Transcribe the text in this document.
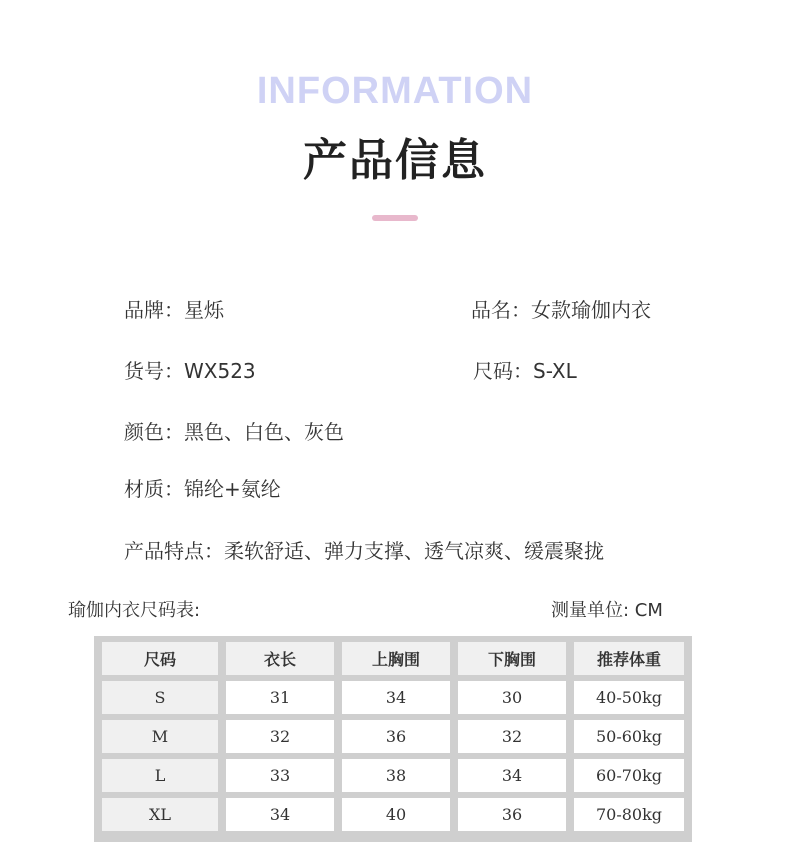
INFORMATION
产品信息
品牌：星烁	品名：女款瑜伽内衣
货号：WX523	尺码：S-XL
颜色：黑色、白色、灰色
材质：锦纶+氨纶
产品特点：柔软舒适、弹力支撑、透气凉爽、缓震聚拢
瑜伽内衣尺码表:	测量单位: CM
尺码	衣长	上胸围	下胸围	推荐体重
S	31	34	30	40-50kg
M	32	36	32	50-60kg
L	33	38	34	60-70kg
XL	34	40	36	70-80kg
